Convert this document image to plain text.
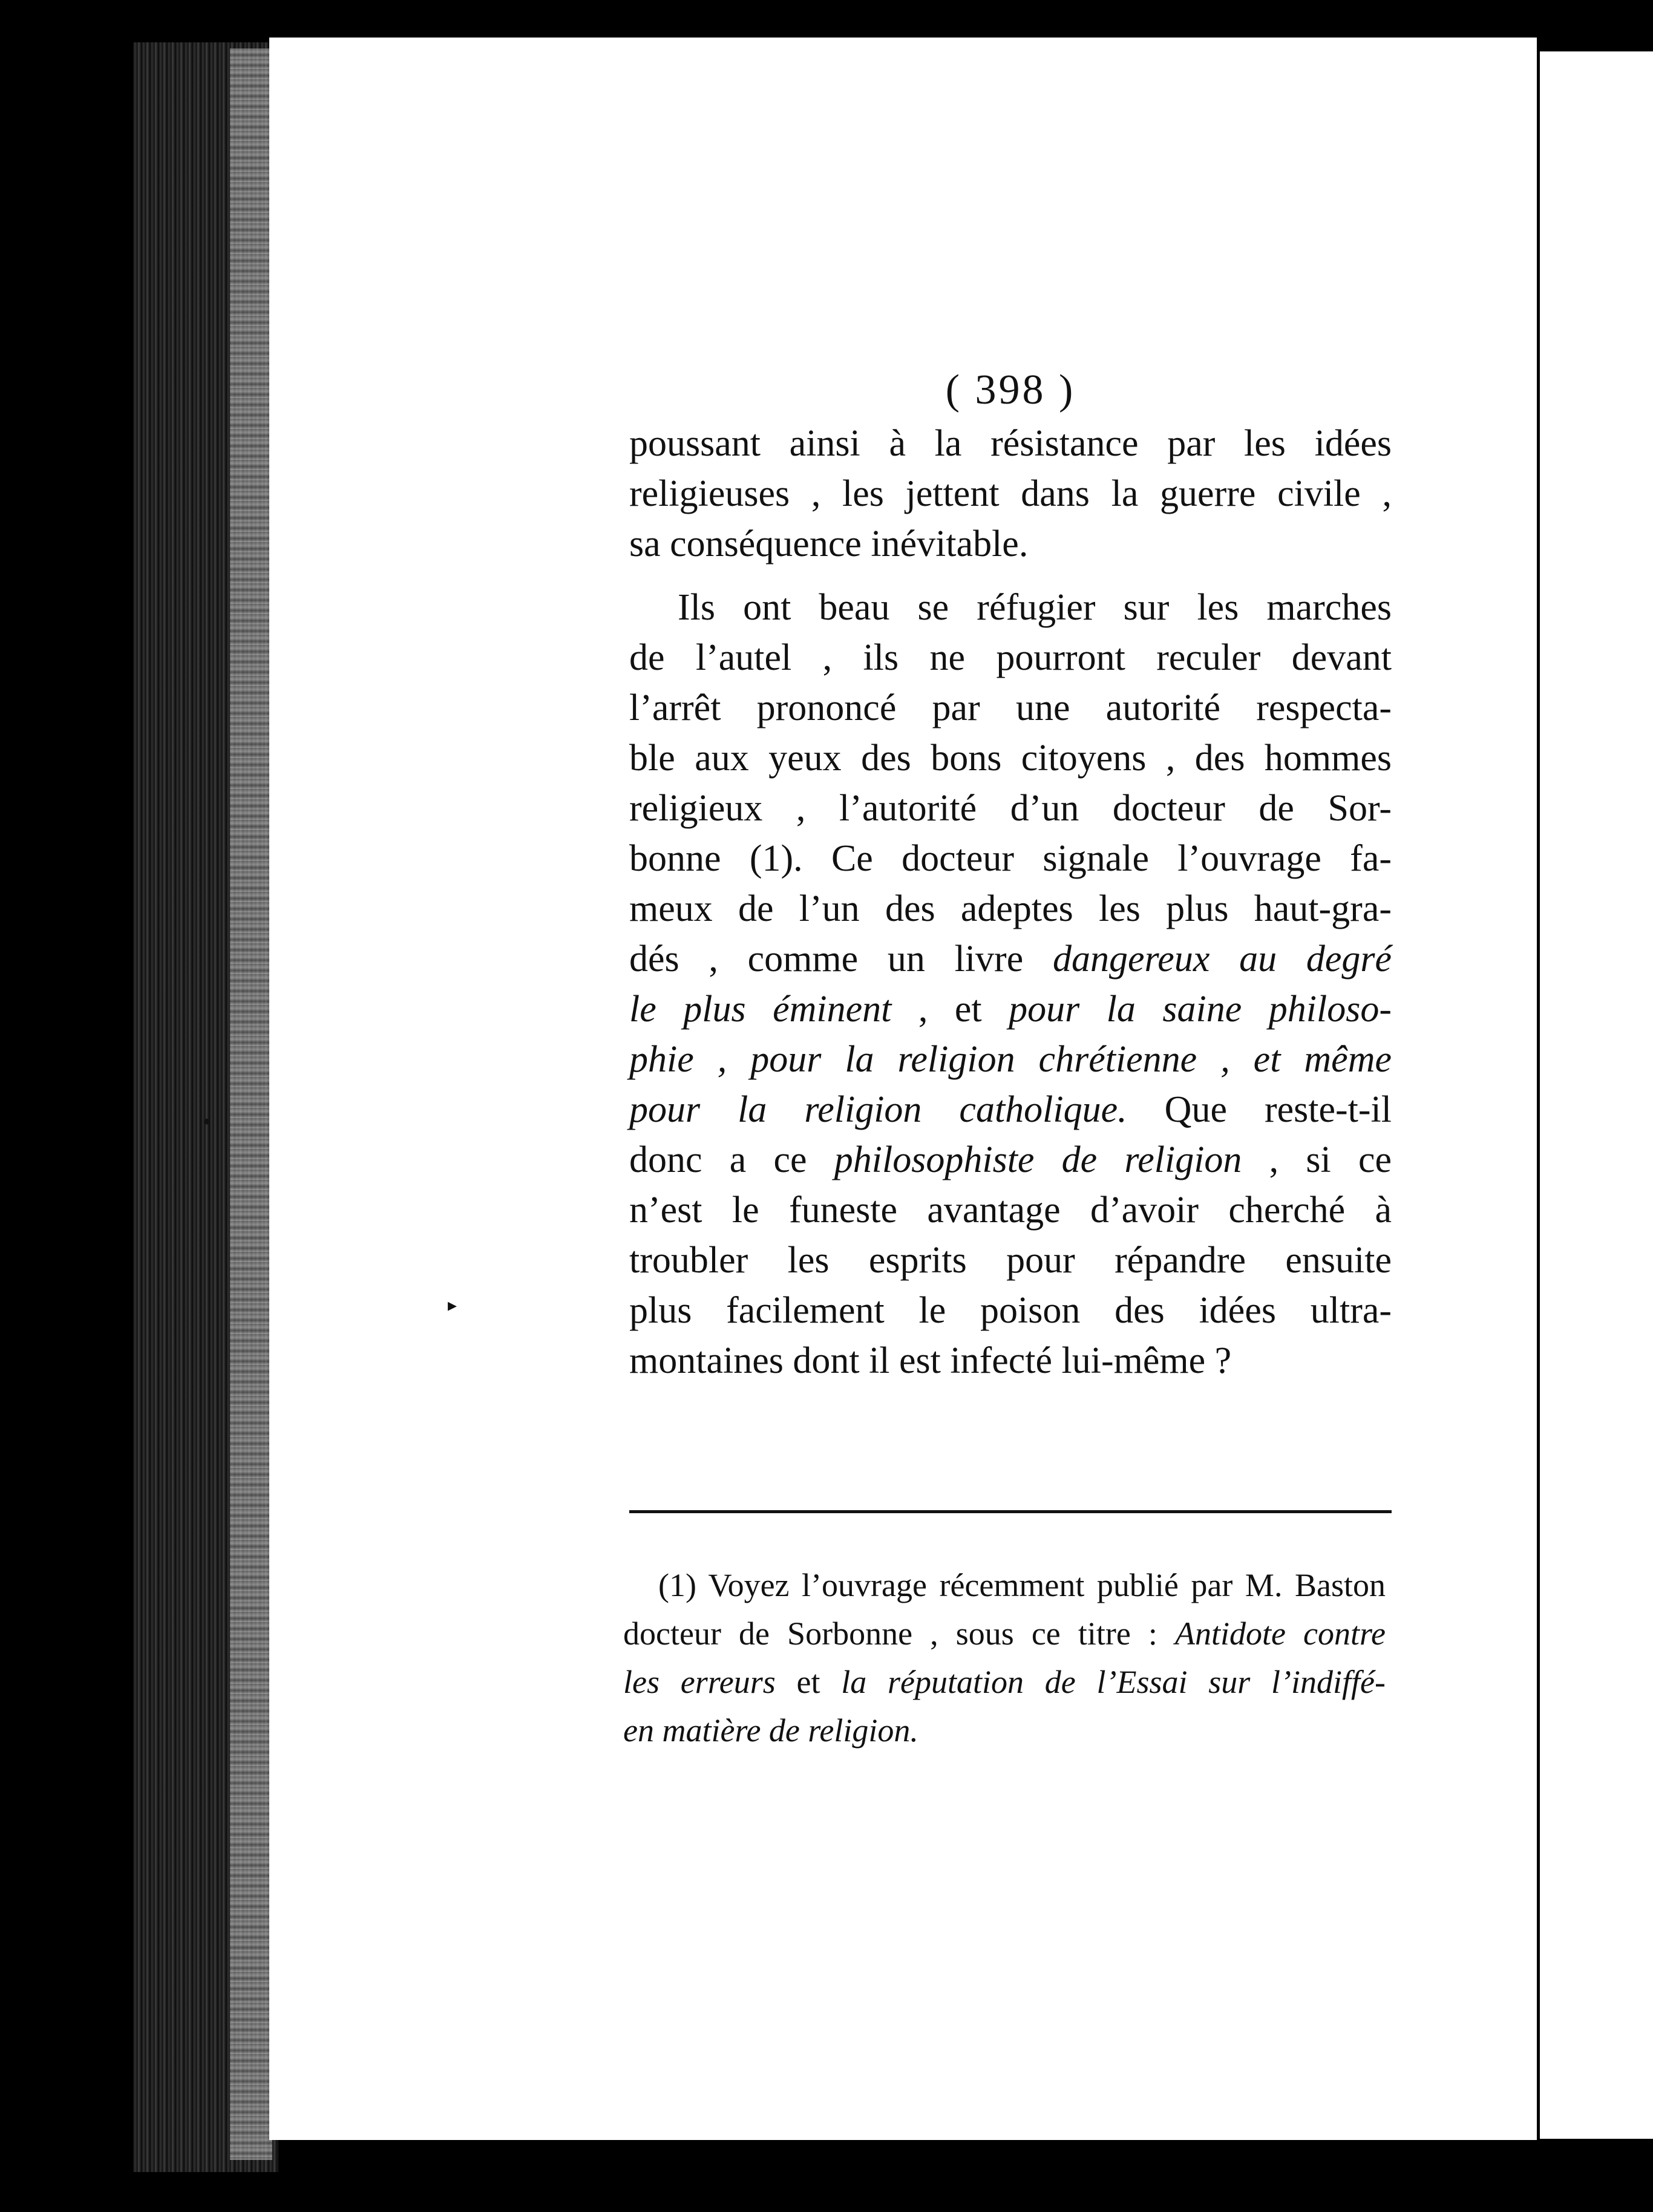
•
▸
( 398 )

poussant ainsi à la résistance par les idées
religieuses , les jettent dans la guerre civile ,
sa conséquence inévitable.

Ils ont beau se réfugier sur les marches
de l’autel , ils ne pourront reculer devant
l’arrêt prononcé par une autorité respecta-
ble aux yeux des bons citoyens , des hommes
religieux , l’autorité d’un docteur de Sor-
bonne (1). Ce docteur signale l’ouvrage fa-
meux de l’un des adeptes les plus haut-gra-
dés , comme un livre dangereux au degré
le plus éminent , et pour la saine philoso-
phie , pour la religion chrétienne , et même
pour la religion catholique. Que reste-t-il
donc a ce philosophiste de religion , si ce
n’est le funeste avantage d’avoir cherché à
troubler les esprits pour répandre ensuite
plus facilement le poison des idées ultra-
montaines dont il est infecté lui-même ?

(1) Voyez l’ouvrage récemment publié par M. Baston
docteur de Sorbonne , sous ce titre : Antidote contre
les erreurs et la réputation de l’Essai sur l’indiffé-
en matière de religion.
